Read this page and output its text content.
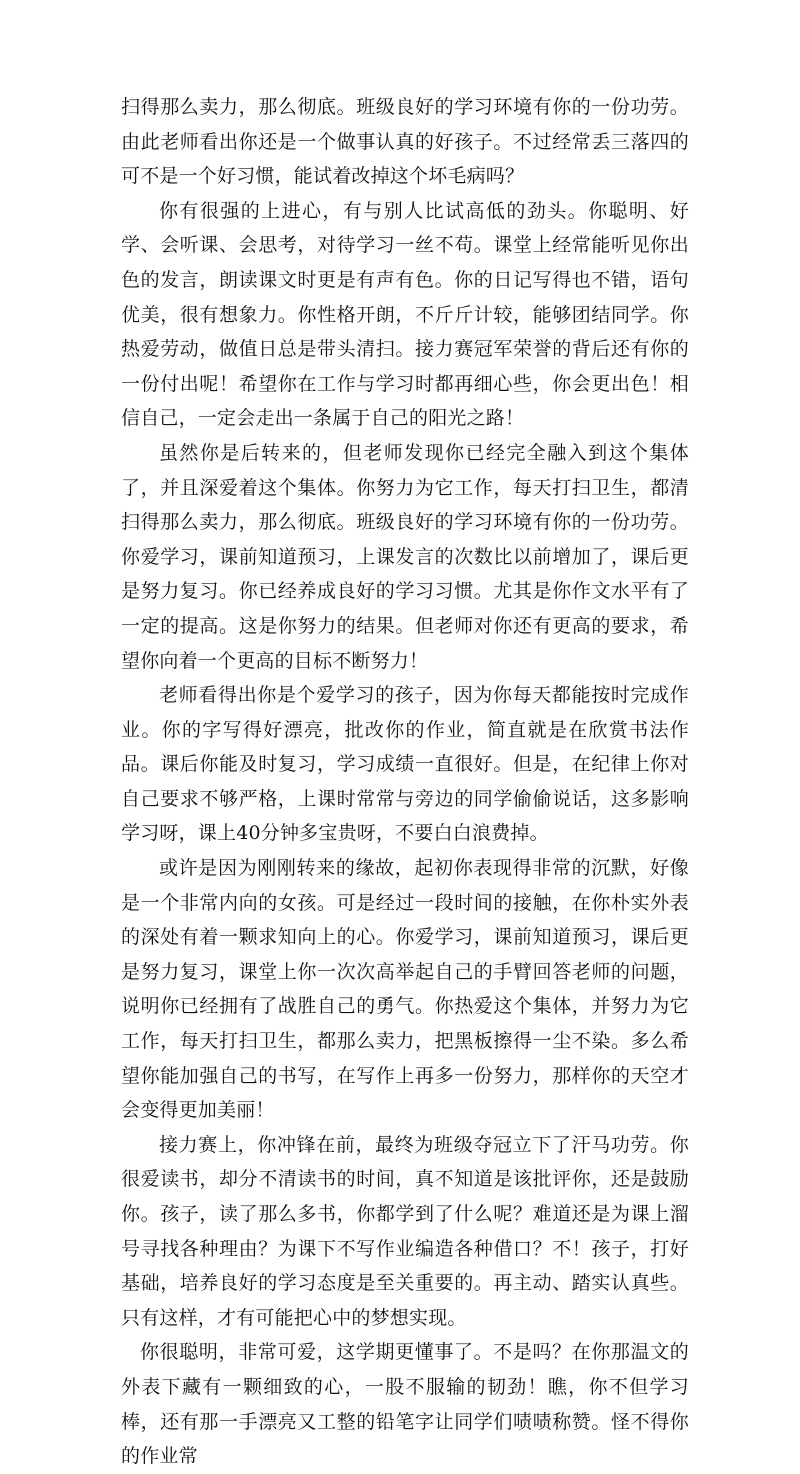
扫得那么卖力，那么彻底。班级良好的学习环境有你的一份功劳。由此老师看出你还是一个做事认真的好孩子。不过经常丢三落四的可不是一个好习惯，能试着改掉这个坏毛病吗？

你有很强的上进心，有与别人比试高低的劲头。你聪明、好学、会听课、会思考，对待学习一丝不苟。课堂上经常能听见你出色的发言，朗读课文时更是有声有色。你的日记写得也不错，语句优美，很有想象力。你性格开朗，不斤斤计较，能够团结同学。你热爱劳动，做值日总是带头清扫。接力赛冠军荣誉的背后还有你的一份付出呢！希望你在工作与学习时都再细心些，你会更出色！相信自己，一定会走出一条属于自己的阳光之路！

虽然你是后转来的，但老师发现你已经完全融入到这个集体了，并且深爱着这个集体。你努力为它工作，每天打扫卫生，都清扫得那么卖力，那么彻底。班级良好的学习环境有你的一份功劳。你爱学习，课前知道预习，上课发言的次数比以前增加了，课后更是努力复习。你已经养成良好的学习习惯。尤其是你作文水平有了一定的提高。这是你努力的结果。但老师对你还有更高的要求，希望你向着一个更高的目标不断努力！

老师看得出你是个爱学习的孩子，因为你每天都能按时完成作业。你的字写得好漂亮，批改你的作业，简直就是在欣赏书法作品。课后你能及时复习，学习成绩一直很好。但是，在纪律上你对自己要求不够严格，上课时常常与旁边的同学偷偷说话，这多影响学习呀，课上40分钟多宝贵呀，不要白白浪费掉。

或许是因为刚刚转来的缘故，起初你表现得非常的沉默，好像是一个非常内向的女孩。可是经过一段时间的接触，在你朴实外表的深处有着一颗求知向上的心。你爱学习，课前知道预习，课后更是努力复习，课堂上你一次次高举起自己的手臂回答老师的问题，说明你已经拥有了战胜自己的勇气。你热爱这个集体，并努力为它工作，每天打扫卫生，都那么卖力，把黑板擦得一尘不染。多么希望你能加强自己的书写，在写作上再多一份努力，那样你的天空才会变得更加美丽！

接力赛上，你冲锋在前，最终为班级夺冠立下了汗马功劳。你很爱读书，却分不清读书的时间，真不知道是该批评你，还是鼓励你。孩子，读了那么多书，你都学到了什么呢？难道还是为课上溜号寻找各种理由？为课下不写作业编造各种借口？不！孩子，打好基础，培养良好的学习态度是至关重要的。再主动、踏实认真些。只有这样，才有可能把心中的梦想实现。

你很聪明，非常可爱，这学期更懂事了。不是吗？在你那温文的外表下藏有一颗细致的心，一股不服输的韧劲！瞧，你不但学习棒，还有那一手漂亮又工整的铅笔字让同学们啧啧称赞。怪不得你的作业常
